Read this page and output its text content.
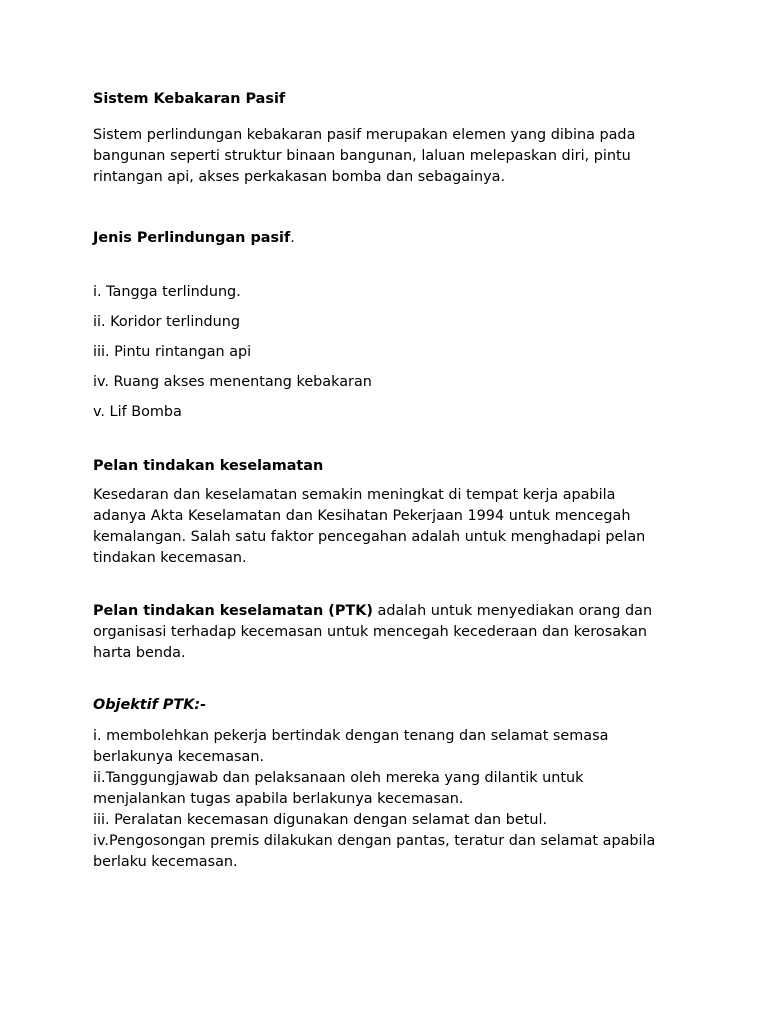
Sistem Kebakaran Pasif
Sistem perlindungan kebakaran pasif merupakan elemen yang dibina pada
bangunan seperti struktur binaan bangunan, laluan melepaskan diri, pintu
rintangan api, akses perkakasan bomba dan sebagainya.
Jenis Perlindungan pasif.
i. Tangga terlindung.
ii. Koridor terlindung
iii. Pintu rintangan api
iv. Ruang akses menentang kebakaran
v. Lif Bomba
Pelan tindakan keselamatan
Kesedaran dan keselamatan semakin meningkat di tempat kerja apabila
adanya Akta Keselamatan dan Kesihatan Pekerjaan 1994 untuk mencegah
kemalangan. Salah satu faktor pencegahan adalah untuk menghadapi pelan
tindakan kecemasan.
Pelan tindakan keselamatan (PTK) adalah untuk menyediakan orang dan
organisasi terhadap kecemasan untuk mencegah kecederaan dan kerosakan
harta benda.
Objektif PTK:-
i. membolehkan pekerja bertindak dengan tenang dan selamat semasa
berlakunya kecemasan.
ii.Tanggungjawab dan pelaksanaan oleh mereka yang dilantik untuk
menjalankan tugas apabila berlakunya kecemasan.
iii. Peralatan kecemasan digunakan dengan selamat dan betul.
iv.Pengosongan premis dilakukan dengan pantas, teratur dan selamat apabila
berlaku kecemasan.
